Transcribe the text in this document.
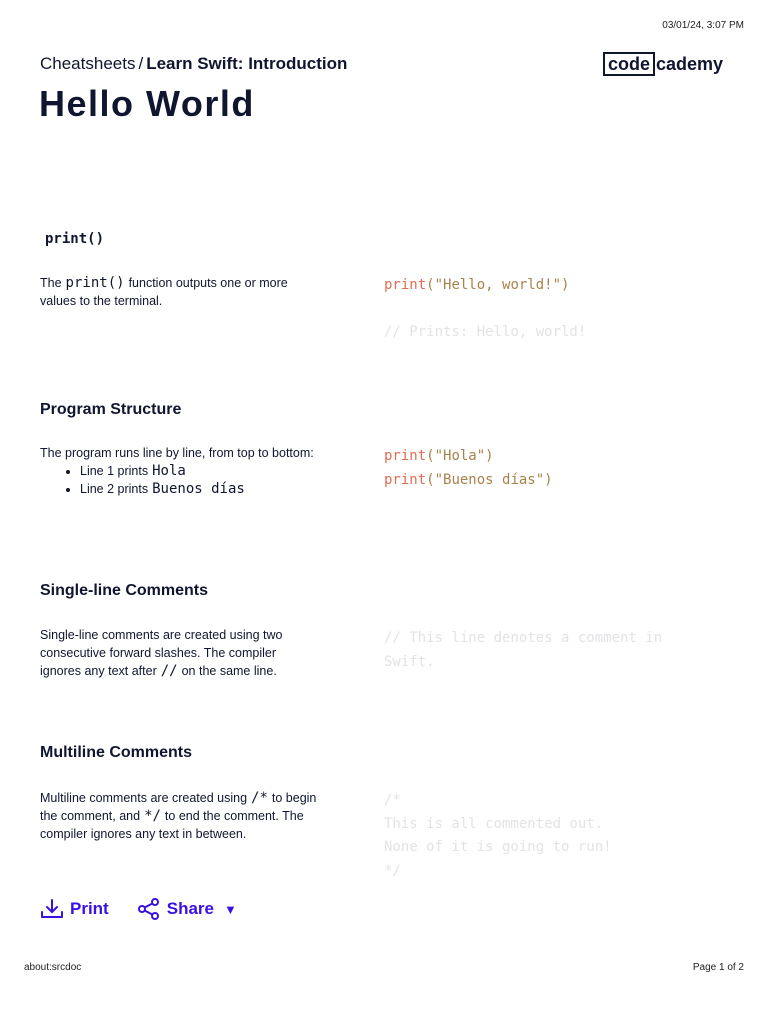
03/01/24, 3:07 PM
Cheatsheets / Learn Swift: Introduction	code cademy
Hello World
print()
The print() function outputs one or more values to the terminal.
print("Hello, world!")

// Prints: Hello, world!
Program Structure
The program runs line by line, from top to bottom:
• Line 1 prints Hola
• Line 2 prints Buenos días
print("Hola")
print("Buenos días")
Single-line Comments
Single-line comments are created using two consecutive forward slashes. The compiler ignores any text after // on the same line.
// This line denotes a comment in
Swift.
Multiline Comments
Multiline comments are created using /* to begin the comment, and */ to end the comment. The compiler ignores any text in between.
/*
This is all commented out.
None of it is going to run!
*/
Print	Share ▼
about:srcdoc	Page 1 of 2
